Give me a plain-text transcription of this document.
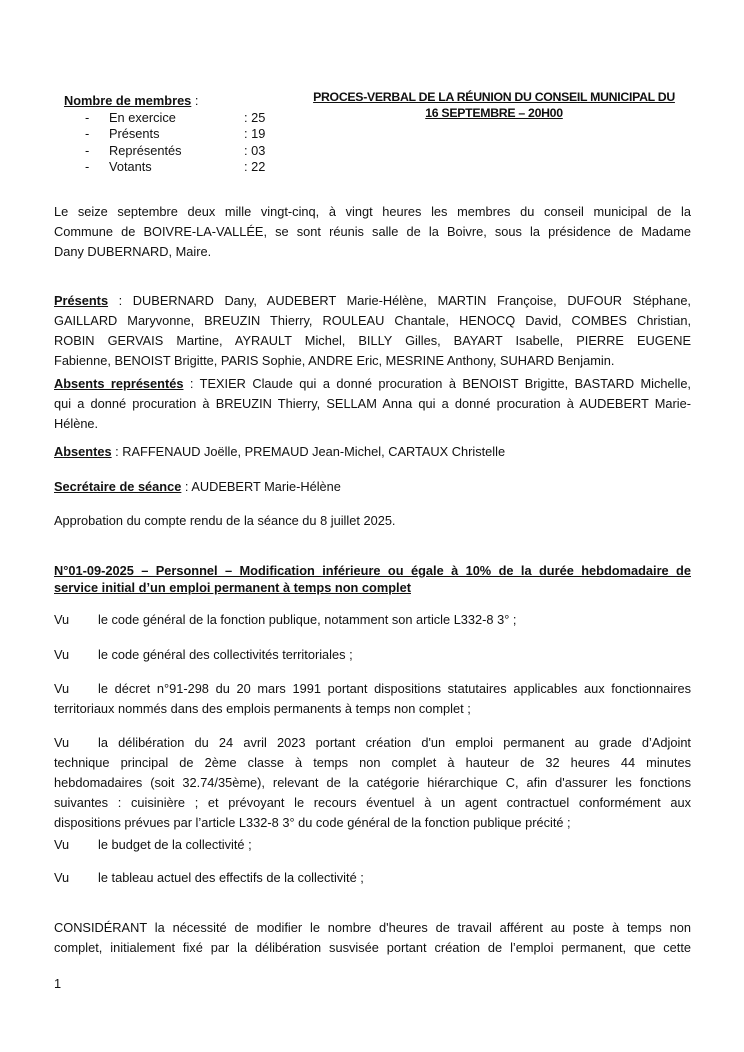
Nombre de membres :
- En exercice	: 25
- Présents	: 19
- Représentés	: 03
- Votants	: 22
PROCES-VERBAL DE LA RÉUNION DU CONSEIL MUNICIPAL DU
16 SEPTEMBRE – 20H00
Le seize septembre deux mille vingt-cinq, à vingt heures les membres du conseil municipal de la
Commune de BOIVRE-LA-VALLÉE, se sont réunis salle de la Boivre, sous la présidence de Madame
Dany DUBERNARD, Maire.
Présents : DUBERNARD Dany, AUDEBERT Marie-Hélène, MARTIN Françoise, DUFOUR Stéphane,
GAILLARD Maryvonne, BREUZIN Thierry, ROULEAU Chantale, HENOCQ David, COMBES Christian,
ROBIN GERVAIS Martine, AYRAULT Michel, BILLY Gilles, BAYART Isabelle, PIERRE EUGENE
Fabienne, BENOIST Brigitte, PARIS Sophie, ANDRE Eric, MESRINE Anthony, SUHARD Benjamin.
Absents représentés : TEXIER Claude qui a donné procuration à BENOIST Brigitte, BASTARD Michelle,
qui a donné procuration à BREUZIN Thierry, SELLAM Anna qui a donné procuration à AUDEBERT Marie-
Hélène.
Absentes : RAFFENAUD Joëlle, PREMAUD Jean-Michel, CARTAUX Christelle
Secrétaire de séance : AUDEBERT Marie-Hélène
Approbation du compte rendu de la séance du 8 juillet 2025.
N°01-09-2025 – Personnel – Modification inférieure ou égale à 10% de la durée hebdomadaire de
service initial d’un emploi permanent à temps non complet
Vu le code général de la fonction publique, notamment son article L332-8 3° ;
Vu le code général des collectivités territoriales ;
Vu le décret n°91-298 du 20 mars 1991 portant dispositions statutaires applicables aux fonctionnaires
territoriaux nommés dans des emplois permanents à temps non complet ;
Vu la délibération du 24 avril 2023 portant création d'un emploi permanent au grade d’Adjoint
technique principal de 2ème classe à temps non complet à hauteur de 32 heures 44 minutes
hebdomadaires (soit 32.74/35ème), relevant de la catégorie hiérarchique C, afin d'assurer les fonctions
suivantes : cuisinière ; et prévoyant le recours éventuel à un agent contractuel conformément aux
dispositions prévues par l’article L332-8 3° du code général de la fonction publique précité ;
Vu le budget de la collectivité ;
Vu le tableau actuel des effectifs de la collectivité ;
CONSIDÉRANT la nécessité de modifier le nombre d'heures de travail afférent au poste à temps non
complet, initialement fixé par la délibération susvisée portant création de l’emploi permanent, que cette
1
